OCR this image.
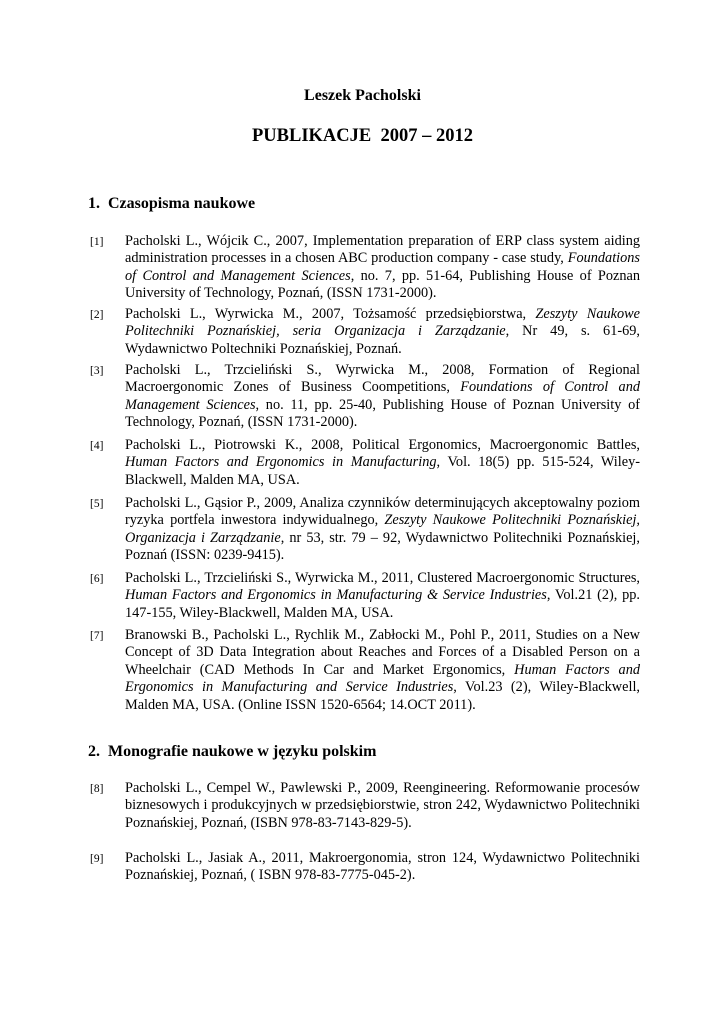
Leszek Pacholski
PUBLIKACJE  2007 – 2012
1.  Czasopisma naukowe
[1] Pacholski L., Wójcik C., 2007, Implementation preparation of ERP class system aiding administration processes in a chosen ABC production company - case study, Foundations of Control and Management Sciences, no. 7, pp. 51-64, Publishing House of Poznan University of Technology, Poznań, (ISSN 1731-2000).
[2] Pacholski L., Wyrwicka M., 2007, Tożsamość przedsiębiorstwa, Zeszyty Naukowe Politechniki Poznańskiej, seria Organizacja i Zarządzanie, Nr 49, s. 61-69, Wydawnictwo Poltechniki Poznańskiej, Poznań.
[3] Pacholski L., Trzcieliński S., Wyrwicka M., 2008, Formation of Regional Macroergonomic Zones of Business Coompetitions, Foundations of Control and Management Sciences, no. 11, pp. 25-40, Publishing House of Poznan University of Technology, Poznań, (ISSN 1731-2000).
[4] Pacholski L., Piotrowski K., 2008, Political Ergonomics, Macroergonomic Battles, Human Factors and Ergonomics in Manufacturing, Vol. 18(5) pp. 515-524, Wiley-Blackwell, Malden MA, USA.
[5] Pacholski L., Gąsior P., 2009, Analiza czynników determinujących akceptowalny poziom ryzyka portfela inwestora indywidualnego, Zeszyty Naukowe Politechniki Poznańskiej, Organizacja i Zarządzanie, nr 53, str. 79 – 92, Wydawnictwo Politechniki Poznańskiej, Poznań (ISSN: 0239-9415).
[6] Pacholski L., Trzcieliński S., Wyrwicka M., 2011, Clustered Macroergonomic Structures, Human Factors and Ergonomics in Manufacturing & Service Industries, Vol.21 (2), pp. 147-155, Wiley-Blackwell, Malden MA, USA.
[7] Branowski B., Pacholski L., Rychlik M., Zabłocki M., Pohl P., 2011, Studies on a New Concept of 3D Data Integration about Reaches and Forces of a Disabled Person on a Wheelchair (CAD Methods In Car and Market Ergonomics, Human Factors and Ergonomics in Manufacturing and Service Industries, Vol.23 (2), Wiley-Blackwell, Malden MA, USA. (Online ISSN 1520-6564; 14.OCT 2011).
2.  Monografie naukowe w języku polskim
[8] Pacholski L., Cempel W., Pawlewski P., 2009, Reengineering. Reformowanie procesów biznesowych i produkcyjnych w przedsiębiorstwie, stron 242, Wydawnictwo Politechniki Poznańskiej, Poznań, (ISBN 978-83-7143-829-5).
[9] Pacholski L., Jasiak A., 2011, Makroergonomia, stron 124, Wydawnictwo Politechniki Poznańskiej, Poznań, ( ISBN 978-83-7775-045-2).
